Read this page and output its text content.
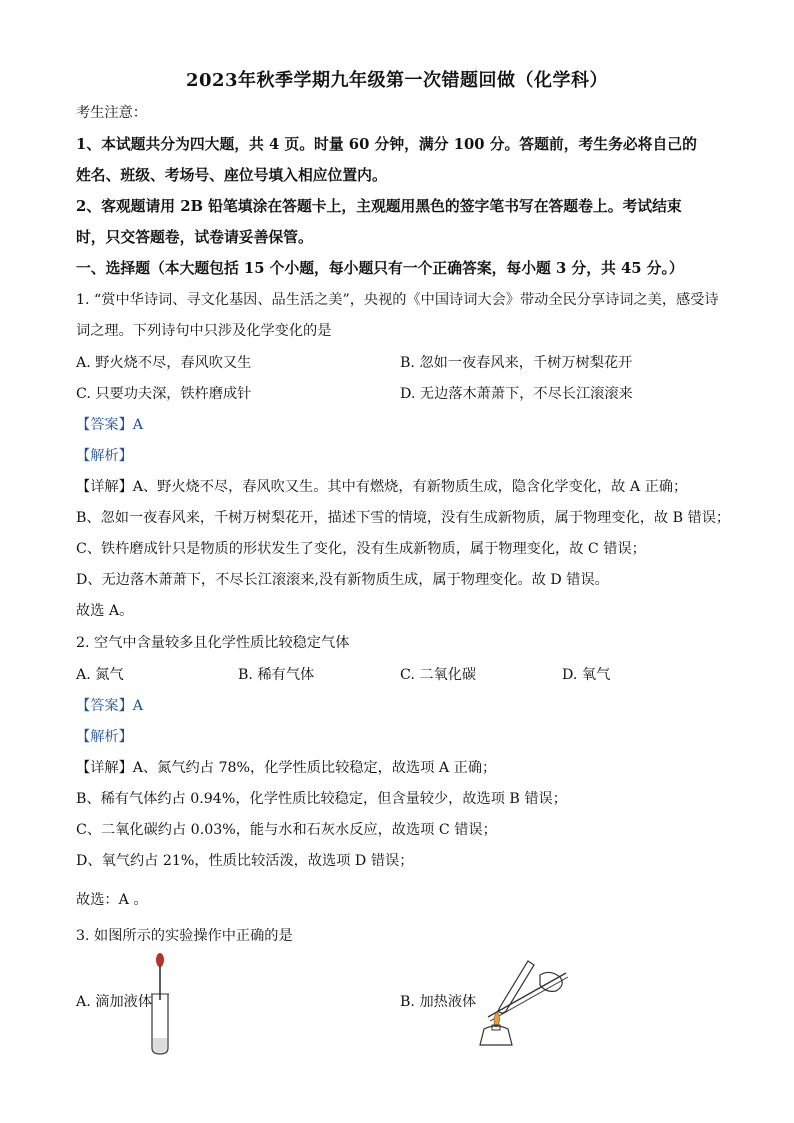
2023年秋季学期九年级第一次错题回做（化学科）
考生注意：
1、本试题共分为四大题，共 4 页。时量 60 分钟，满分 100 分。答题前，考生务必将自己的
姓名、班级、考场号、座位号填入相应位置内。
2、客观题请用 2B 铅笔填涂在答题卡上，主观题用黑色的签字笔书写在答题卷上。考试结束
时，只交答题卷，试卷请妥善保管。
一、选择题（本大题包括 15 个小题，每小题只有一个正确答案，每小题 3 分，共 45 分。）
1. “赏中华诗词、寻文化基因、品生活之美”，央视的《中国诗词大会》带动全民分享诗词之美，感受诗
词之理。下列诗句中只涉及化学变化的是
A. 野火烧不尽，春风吹又生	B. 忽如一夜春风来，千树万树梨花开
C. 只要功夫深，铁杵磨成针	D. 无边落木萧萧下，不尽长江滚滚来
【答案】A
【解析】
【详解】A、野火烧不尽，春风吹又生。其中有燃烧，有新物质生成，隐含化学变化，故 A 正确；
B、忽如一夜春风来，千树万树梨花开，描述下雪的情境，没有生成新物质，属于物理变化，故 B 错误；
C、铁杵磨成针只是物质的形状发生了变化，没有生成新物质，属于物理变化，故 C 错误；
D、无边落木萧萧下，不尽长江滚滚来,没有新物质生成，属于物理变化。故 D 错误。
故选 A。
2. 空气中含量较多且化学性质比较稳定气体
A. 氮气	B. 稀有气体	C. 二氧化碳	D. 氧气
【答案】A
【解析】
【详解】A、氮气约占 78%，化学性质比较稳定，故选项 A 正确；
B、稀有气体约占 0.94%，化学性质比较稳定，但含量较少，故选项 B 错误；
C、二氧化碳约占 0.03%，能与水和石灰水反应，故选项 C 错误；
D、氧气约占 21%，性质比较活泼，故选项 D 错误；
故选：A 。
3. 如图所示的实验操作中正确的是
A. 滴加液体	B. 加热液体
